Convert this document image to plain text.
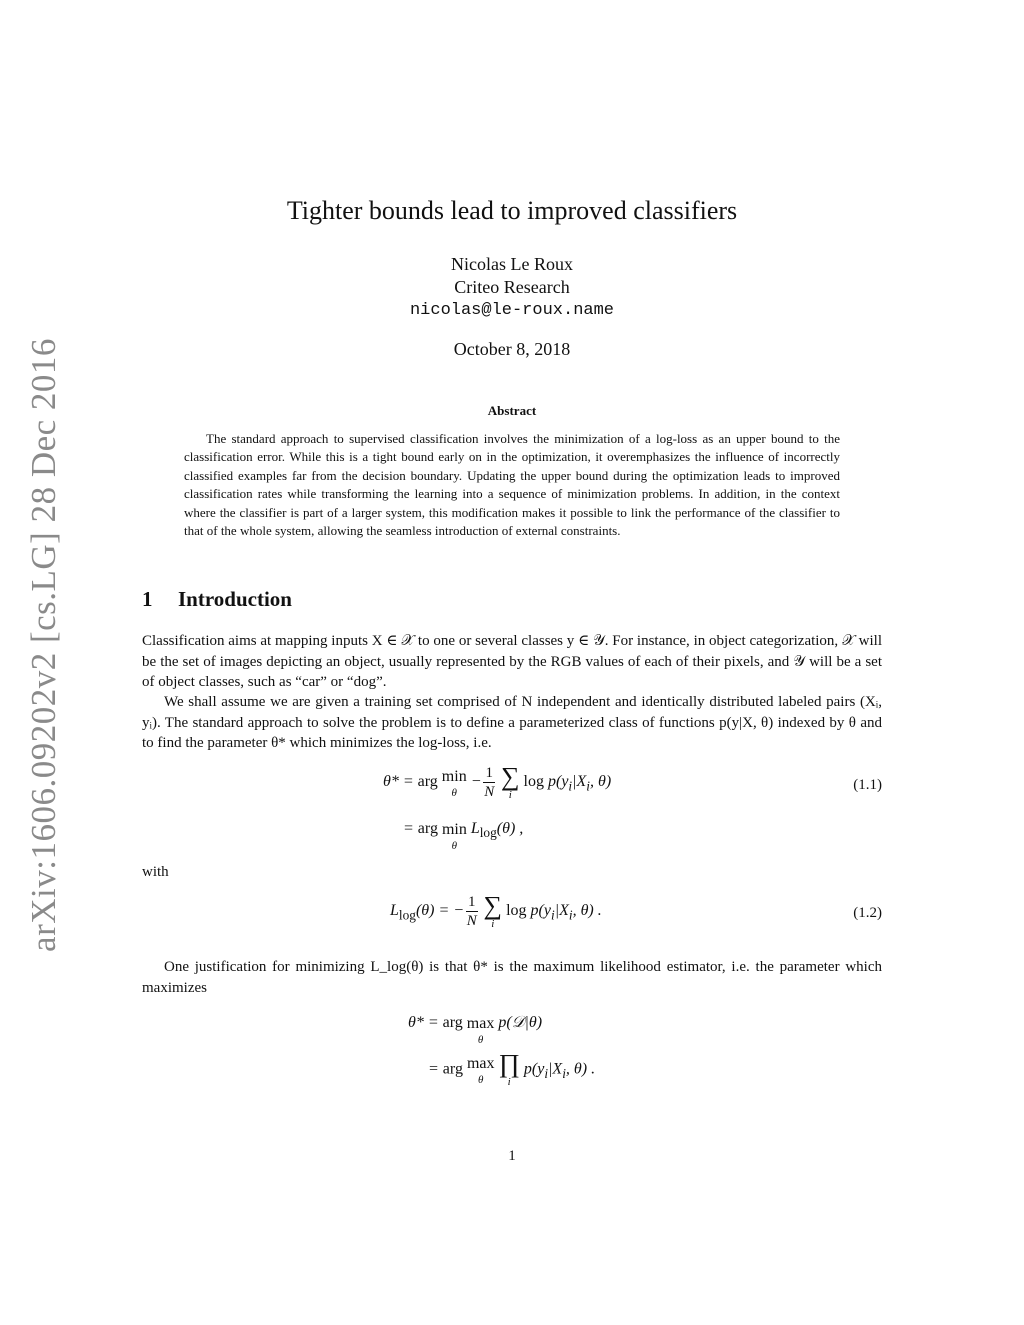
arXiv:1606.09202v2 [cs.LG] 28 Dec 2016
Tighter bounds lead to improved classifiers
Nicolas Le Roux
Criteo Research
nicolas@le-roux.name
October 8, 2018
Abstract
The standard approach to supervised classification involves the minimization of a log-loss as an upper bound to the classification error. While this is a tight bound early on in the optimization, it overemphasizes the influence of incorrectly classified examples far from the decision boundary. Updating the upper bound during the optimization leads to improved classification rates while transforming the learning into a sequence of minimization problems. In addition, in the context where the classifier is part of a larger system, this modification makes it possible to link the performance of the classifier to that of the whole system, allowing the seamless introduction of external constraints.
1 Introduction
Classification aims at mapping inputs X ∈ 𝒳 to one or several classes y ∈ 𝒴. For instance, in object categorization, 𝒳 will be the set of images depicting an object, usually represented by the RGB values of each of their pixels, and 𝒴 will be a set of object classes, such as “car” or “dog”.
We shall assume we are given a training set comprised of N independent and identically distributed labeled pairs (Xᵢ, yᵢ). The standard approach to solve the problem is to define a parameterized class of functions p(y|X, θ) indexed by θ and to find the parameter θ* which minimizes the log-loss, i.e.
θ* = arg min
θ
− $\frac{1}{N}$
∑
i
$\log p(y_i|X_i$, θ)	(1.1)
= arg min
θ
$L_{log}(\theta)$ ,
with
$L_{log}(\theta)$ = − $\frac{1}{N}$
∑
i
$\log p(y_i|X_i$, θ) .	(1.2)
One justification for minimizing L_log(θ) is that θ* is the maximum likelihood estimator, i.e. the parameter which maximizes
θ* = arg max
θ
p(𝒟|θ)
= arg max
θ

∏
i
$p(y_i|X_i$, θ) .
1
